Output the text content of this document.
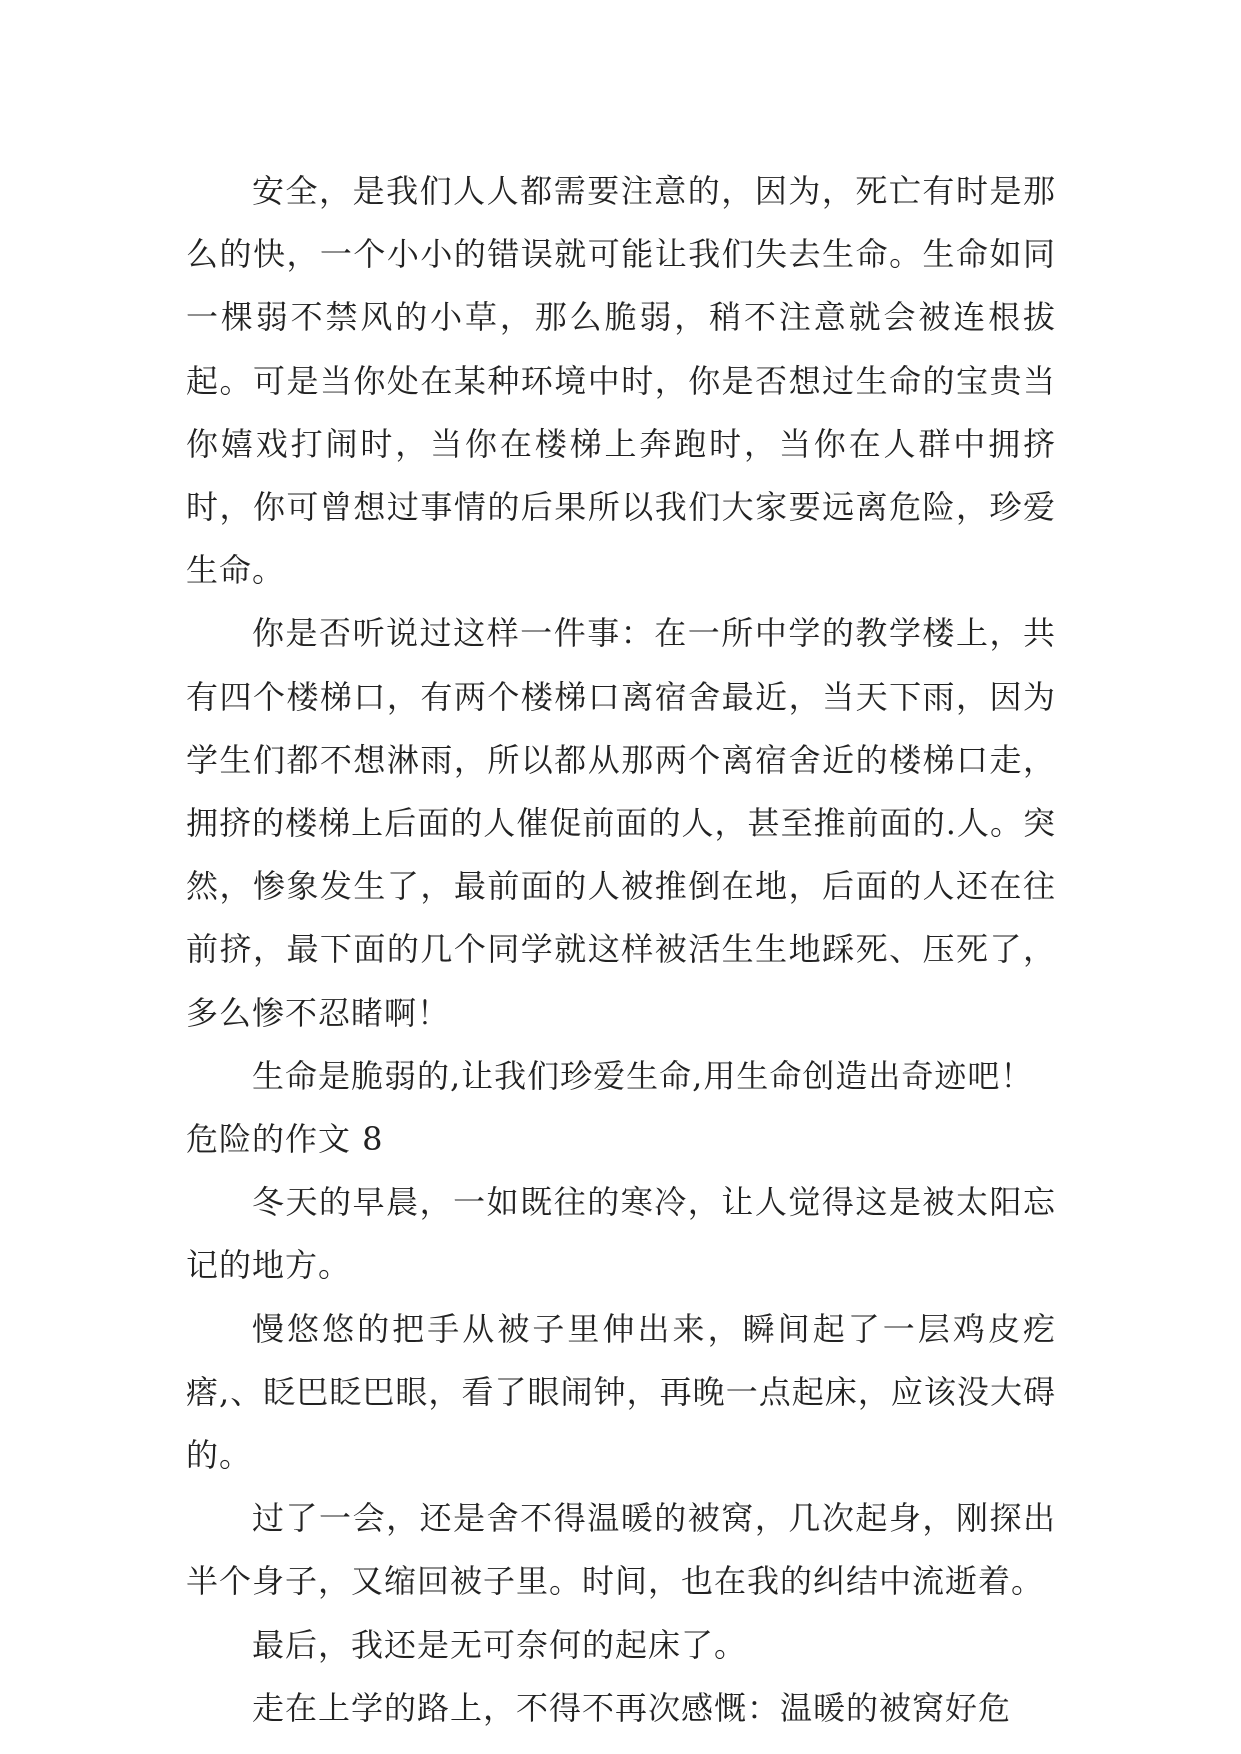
安全，是我们人人都需要注意的，因为，死亡有时是那么的快，一个小小的错误就可能让我们失去生命。生命如同一棵弱不禁风的小草，那么脆弱，稍不注意就会被连根拔起。可是当你处在某种环境中时，你是否想过生命的宝贵当你嬉戏打闹时，当你在楼梯上奔跑时，当你在人群中拥挤时，你可曾想过事情的后果所以我们大家要远离危险，珍爱生命。

你是否听说过这样一件事：在一所中学的教学楼上，共有四个楼梯口，有两个楼梯口离宿舍最近，当天下雨，因为学生们都不想淋雨，所以都从那两个离宿舍近的楼梯口走，拥挤的楼梯上后面的人催促前面的人，甚至推前面的.人。突然，惨象发生了，最前面的人被推倒在地，后面的人还在往前挤，最下面的几个同学就这样被活生生地踩死、压死了，多么惨不忍睹啊！

生命是脆弱的,让我们珍爱生命,用生命创造出奇迹吧！

危险的作文 8

冬天的早晨，一如既往的寒冷，让人觉得这是被太阳忘记的地方。

慢悠悠的把手从被子里伸出来，瞬间起了一层鸡皮疙瘩,、眨巴眨巴眼，看了眼闹钟，再晚一点起床，应该没大碍的。

过了一会，还是舍不得温暖的被窝，几次起身，刚探出半个身子，又缩回被子里。时间，也在我的纠结中流逝着。

最后，我还是无可奈何的起床了。

走在上学的路上，不得不再次感慨：温暖的被窝好危
